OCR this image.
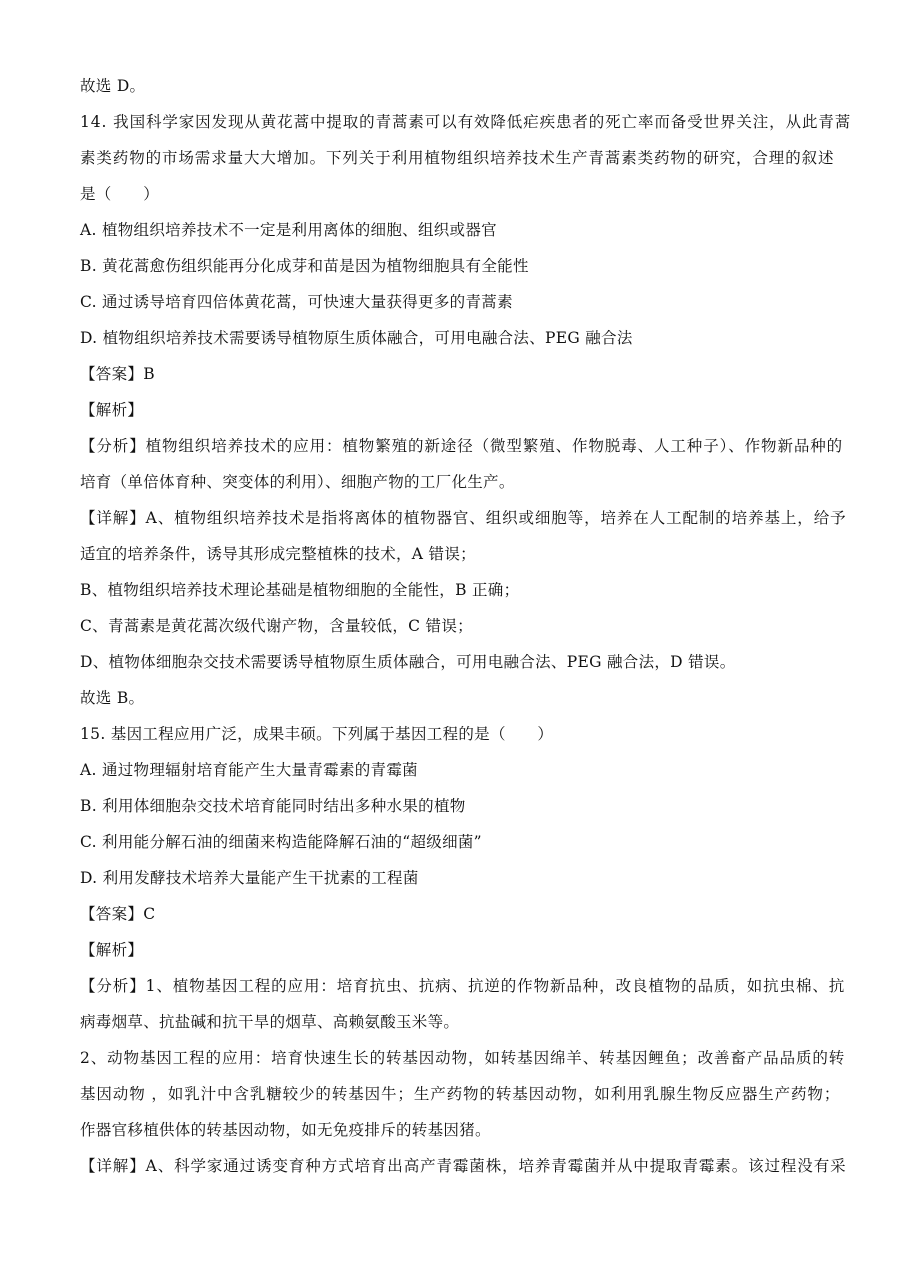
故选 D。
14. 我国科学家因发现从黄花蒿中提取的青蒿素可以有效降低疟疾患者的死亡率而备受世界关注，从此青蒿
素类药物的市场需求量大大增加。下列关于利用植物组织培养技术生产青蒿素类药物的研究，合理的叙述
是（　　）
A. 植物组织培养技术不一定是利用离体的细胞、组织或器官
B. 黄花蒿愈伤组织能再分化成芽和苗是因为植物细胞具有全能性
C. 通过诱导培育四倍体黄花蒿，可快速大量获得更多的青蒿素
D. 植物组织培养技术需要诱导植物原生质体融合，可用电融合法、PEG 融合法
【答案】B
【解析】
【分析】植物组织培养技术的应用：植物繁殖的新途径（微型繁殖、作物脱毒、人工种子）、作物新品种的
培育（单倍体育种、突变体的利用）、细胞产物的工厂化生产。
【详解】A、植物组织培养技术是指将离体的植物器官、组织或细胞等，培养在人工配制的培养基上，给予
适宜的培养条件，诱导其形成完整植株的技术，A 错误；
B、植物组织培养技术理论基础是植物细胞的全能性，B 正确；
C、青蒿素是黄花蒿次级代谢产物，含量较低，C 错误；
D、植物体细胞杂交技术需要诱导植物原生质体融合，可用电融合法、PEG 融合法，D 错误。
故选 B。
15. 基因工程应用广泛，成果丰硕。下列属于基因工程的是（　　）
A. 通过物理辐射培育能产生大量青霉素的青霉菌
B. 利用体细胞杂交技术培育能同时结出多种水果的植物
C. 利用能分解石油的细菌来构造能降解石油的“超级细菌”
D. 利用发酵技术培养大量能产生干扰素的工程菌
【答案】C
【解析】
【分析】1、植物基因工程的应用：培育抗虫、抗病、抗逆的作物新品种，改良植物的品质，如抗虫棉、抗
病毒烟草、抗盐碱和抗干旱的烟草、高赖氨酸玉米等。
2、动物基因工程的应用：培育快速生长的转基因动物，如转基因绵羊、转基因鲤鱼；改善畜产品品质的转
基因动物 ，如乳汁中含乳糖较少的转基因牛；生产药物的转基因动物，如利用乳腺生物反应器生产药物；
作器官移植供体的转基因动物，如无免疫排斥的转基因猪。
【详解】A、科学家通过诱变育种方式培育出高产青霉菌株，培养青霉菌并从中提取青霉素。该过程没有采
